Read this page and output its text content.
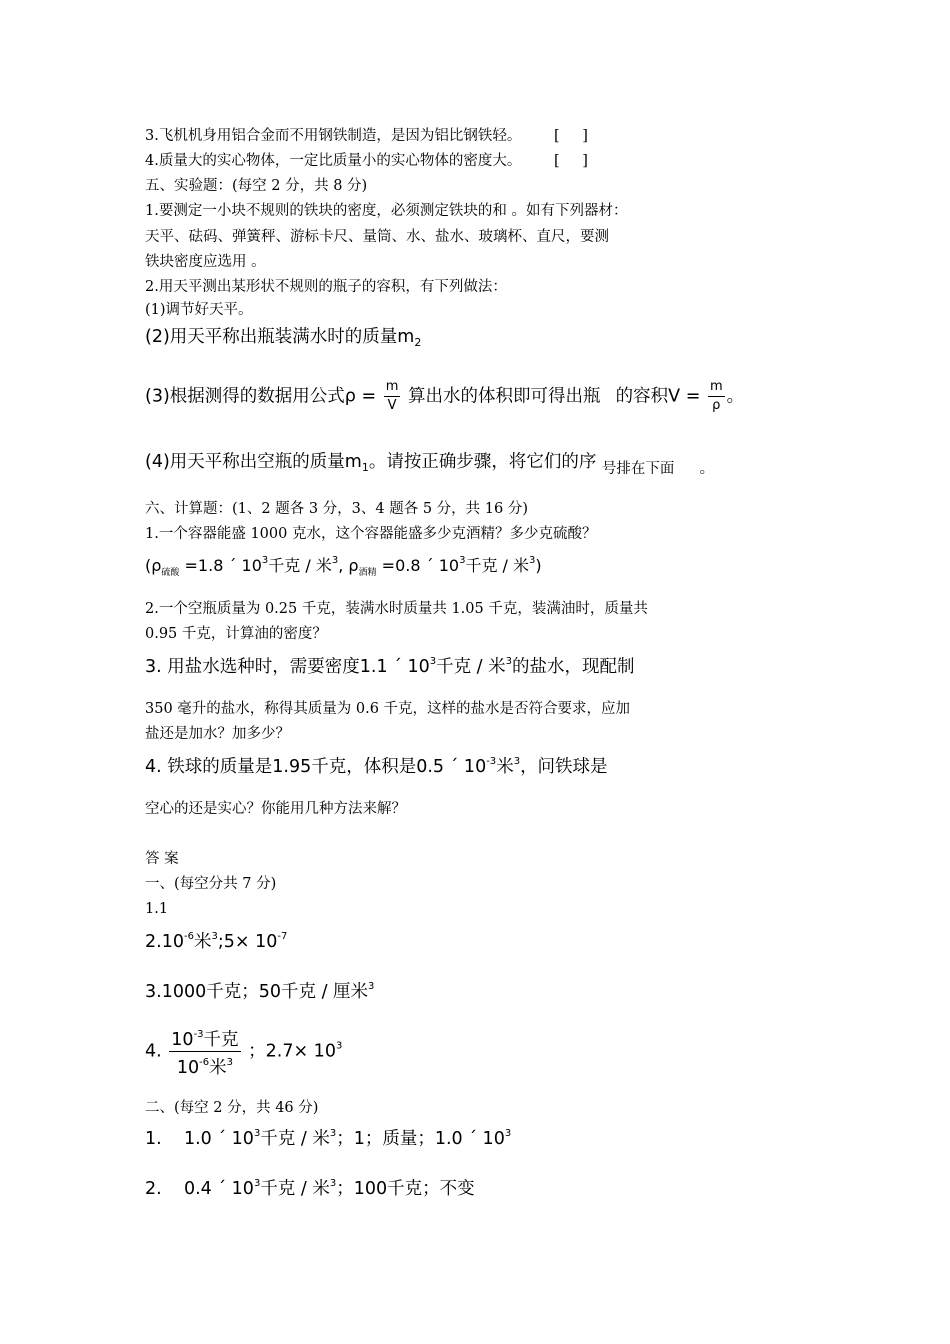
3.飞机机身用铝合金而不用钢铁制造，是因为铝比钢铁轻。 [ ]
4.质量大的实心物体，一定比质量小的实心物体的密度大。 [ ]
五、实验题：(每空 2 分，共 8 分)
1.要测定一小块不规则的铁块的密度，必须测定铁块的和 。如有下列器材：
天平、砝码、弹簧秤、游标卡尺、量筒、水、盐水、玻璃杯、直尺，要测
铁块密度应选用 。
2.用天平测出某形状不规则的瓶子的容积，有下列做法：
(1)调节好天平。
(2)用天平称出瓶装满水时的质量$m_2$
(3)根据测得的数据用公式$\rho = \frac{m}{V}$ 算出水的体积即可得出瓶 的容积$V = \frac{m}{\rho}$ 。
(4)用天平称出空瓶的质量$m_1$。请按正确步骤，将它们的序 $_{号排在下面}$ $_。$
六、计算题：(1、2 题各 3 分，3、4 题各 5 分，共 16 分)
1.一个容器能盛 1000 克水，这个容器能盛多少克酒精？多少克硫酸？
($\rho_{硫酸} =1.8$ ´ $10^3$千克 / 米$^3$, $\rho_{酒精} =0.8$ ´ $10^3$千克 / 米$^3$)
2.一个空瓶质量为 0.25 千克，装满水时质量共 1.05 千克，装满油时，质量共
0.95 千克，计算油的密度？
3. 用盐水选种时，需要密度1.1 ´ $10^3$千克 / 米$^3$的盐水，现配制
350 毫升的盐水，称得其质量为 0.6 千克，这样的盐水是否符合要求，应加
盐还是加水？加多少？
4. 铁球的质量是1.95千克，体积是0.5 ´ $10^{-3}$米$^3$，问铁球是
空心的还是实心？你能用几种方法来解？
答 案
一、(每空分共 7 分)
1.1
$2.10^{-6}$米$^3$;5× $10^{-7}$
3.1000千克；50千克 / 厘米$^3$
4. $\frac{10^{-3}千克}{10^{-6}米^3}$ ；$2.7\times 10^3$
二、(每空 2 分，共 46 分)
1.    1.0 ´ $10^3$千克 / 米$^3$；1；质量；1.0 ´ $10^3$
2.    0.4 ´ $10^3$千克 / 米$^3$；100千克；不变
